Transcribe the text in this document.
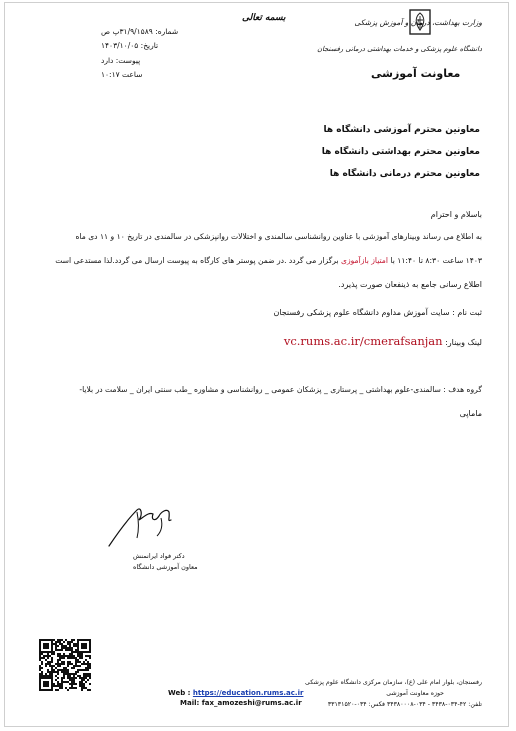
وزارت بهداشت، درمان و آموزش پزشکی
دانشگاه علوم پزشکی و خدمات بهداشتی درمانی رفسنجان
معاونت آموزشی
بسمه تعالی
شماره: ۳۱/۹/۱۵۸۹پ ص
تاریخ: ۱۴۰۳/۱۰/۰۵
پیوست: دارد
ساعت ۱۰:۱۷
معاونین محترم آموزشی دانشگاه ها
معاونین محترم بهداشتی دانشگاه ها
معاونین محترم درمانی دانشگاه ها
باسلام و احترام
به اطلاع می رساند وبینارهای آموزشی با عناوین روانشناسی سالمندی و اختلالات روانپزشکی در سالمندی در تاریخ ۱۰ و ۱۱ دی ماه
۱۴۰۳ ساعت ۸:۳۰ تا ۱۱:۴۰ با امتیاز بازآموزی برگزار می گردد .در ضمن پوستر های کارگاه به پیوست ارسال می گردد.لذا مستدعی است
اطلاع رسانی جامع به ذینفعان صورت پذیرد.
ثبت نام : سایت آموزش مداوم دانشگاه علوم پزشکی رفسنجان
vc.rums.ac.ir/cmerafsanjan لینک وبینار:
گروه هدف : سالمندی-علوم بهداشتی _ پرستاری _ پزشکان عمومی _ روانشناسی و مشاوره _طب سنتی ایران _ سلامت در بلایا-
ماماپی
دکتر فواد ایرانمنش
معاون آموزشی دانشگاه
Web : https://education.rums.ac.ir
Mail: fax_amozeshi@rums.ac.ir
رفسنجان، بلوار امام علی (ع)، سازمان مرکزی دانشگاه علوم پزشکی
حوزه معاونت آموزشی
تلفن: ۴۲-۰۳۴-۳۴۳۸ - ۰۳۴-۳۴۳۸۰۰۰۸ فکس: ۰۳۴-۳۳۱۳۱۵۲۰
